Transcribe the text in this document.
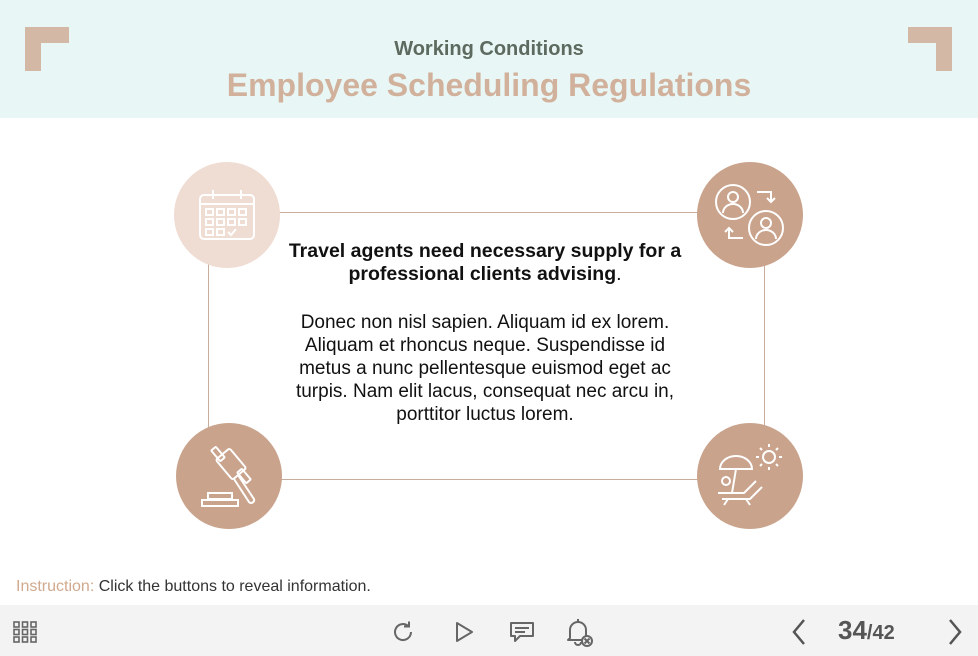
Working Conditions
Employee Scheduling Regulations
Travel agents need necessary supply for a professional clients advising.
Donec non nisl sapien. Aliquam id ex lorem. Aliquam et rhoncus neque. Suspendisse id metus a nunc pellentesque euismod eget ac turpis. Nam elit lacus, consequat nec arcu in, porttitor luctus lorem.
Instruction: Click the buttons to reveal information.
34/42
